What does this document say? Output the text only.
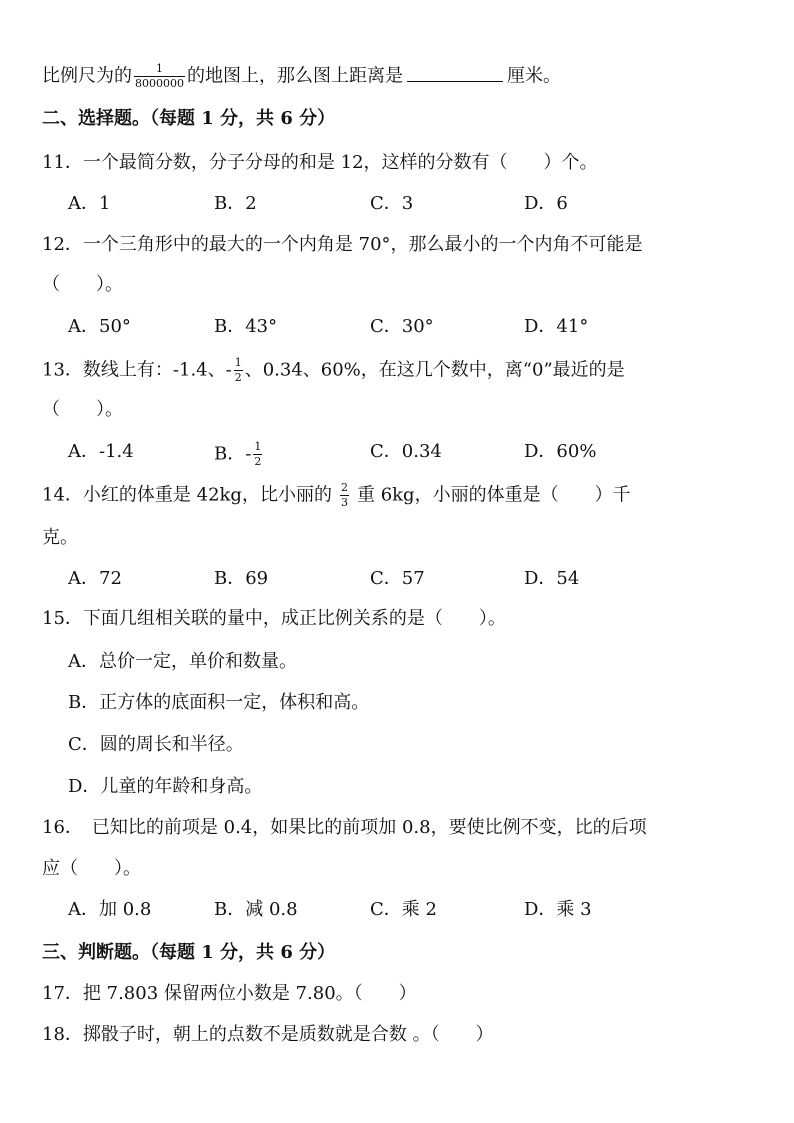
比例尺为的 $\frac{1}{8000000}$ 的地图上，那么图上距离是	厘米。
二、选择题。（每题 1 分，共 6 分）
11．一个最简分数，分子分母的和是 12，这样的分数有（　　）个。
A．1	B．2	C．3	D．6
12．一个三角形中的最大的一个内角是 70°，那么最小的一个内角不可能是
（　　）。
A．50°	B．43°	C．30°	D．41°
13．数线上有：-1.4、- $\frac{1}{2}$ 、0.34、60%，在这几个数中，离“0”最近的是
（　　）。
A．-1.4	B．- $\frac{1}{2}$	C．0.34	D．60%
14．小红的体重是 42kg，比小丽的 $\frac{2}{3}$ 重 6kg，小丽的体重是（　　）千
克。
A．72	B．69	C．57	D．54
15．下面几组相关联的量中，成正比例关系的是（　　）。
A．总价一定，单价和数量。
B．正方体的底面积一定，体积和高。
C．圆的周长和半径。
D．儿童的年龄和身高。
16．　已知比的前项是 0.4，如果比的前项加 0.8，要使比例不变，比的后项
应（　　）。
A．加 0.8	B．减 0.8	C．乘 2	D．乘 3
三、判断题。（每题 1 分，共 6 分）
17．把 7.803 保留两位小数是 7.80。（　　）
18．掷骰子时，朝上的点数不是质数就是合数 。（　　）
